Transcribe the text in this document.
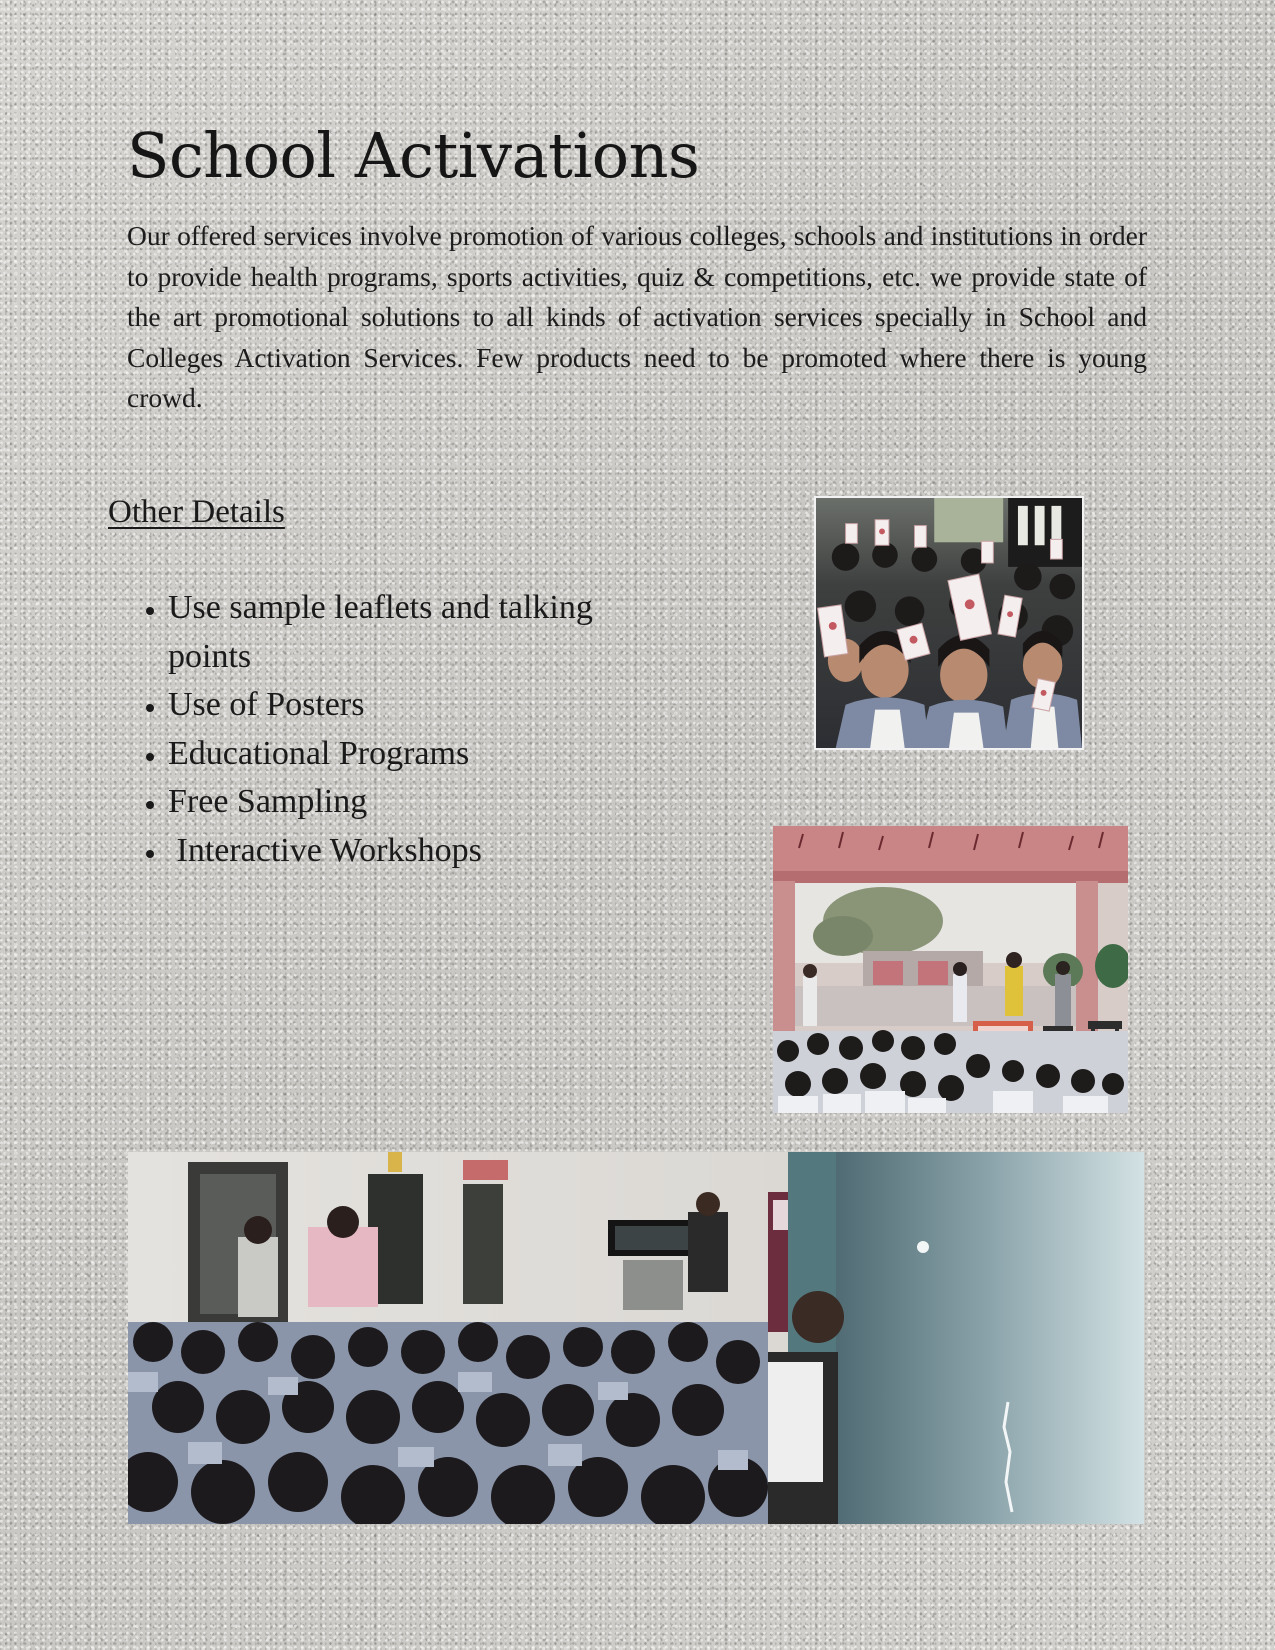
School Activations

Our offered services involve promotion of various colleges, schools and institutions in order to provide health programs, sports activities, quiz & competitions, etc. we provide state of the art promotional solutions to all kinds of activation services specially in School and Colleges Activation Services. Few products need to be promoted where there is young crowd.

Other Details
• Use sample leaflets and talking points
• Use of Posters
• Educational Programs
• Free Sampling
•  Interactive Workshops
